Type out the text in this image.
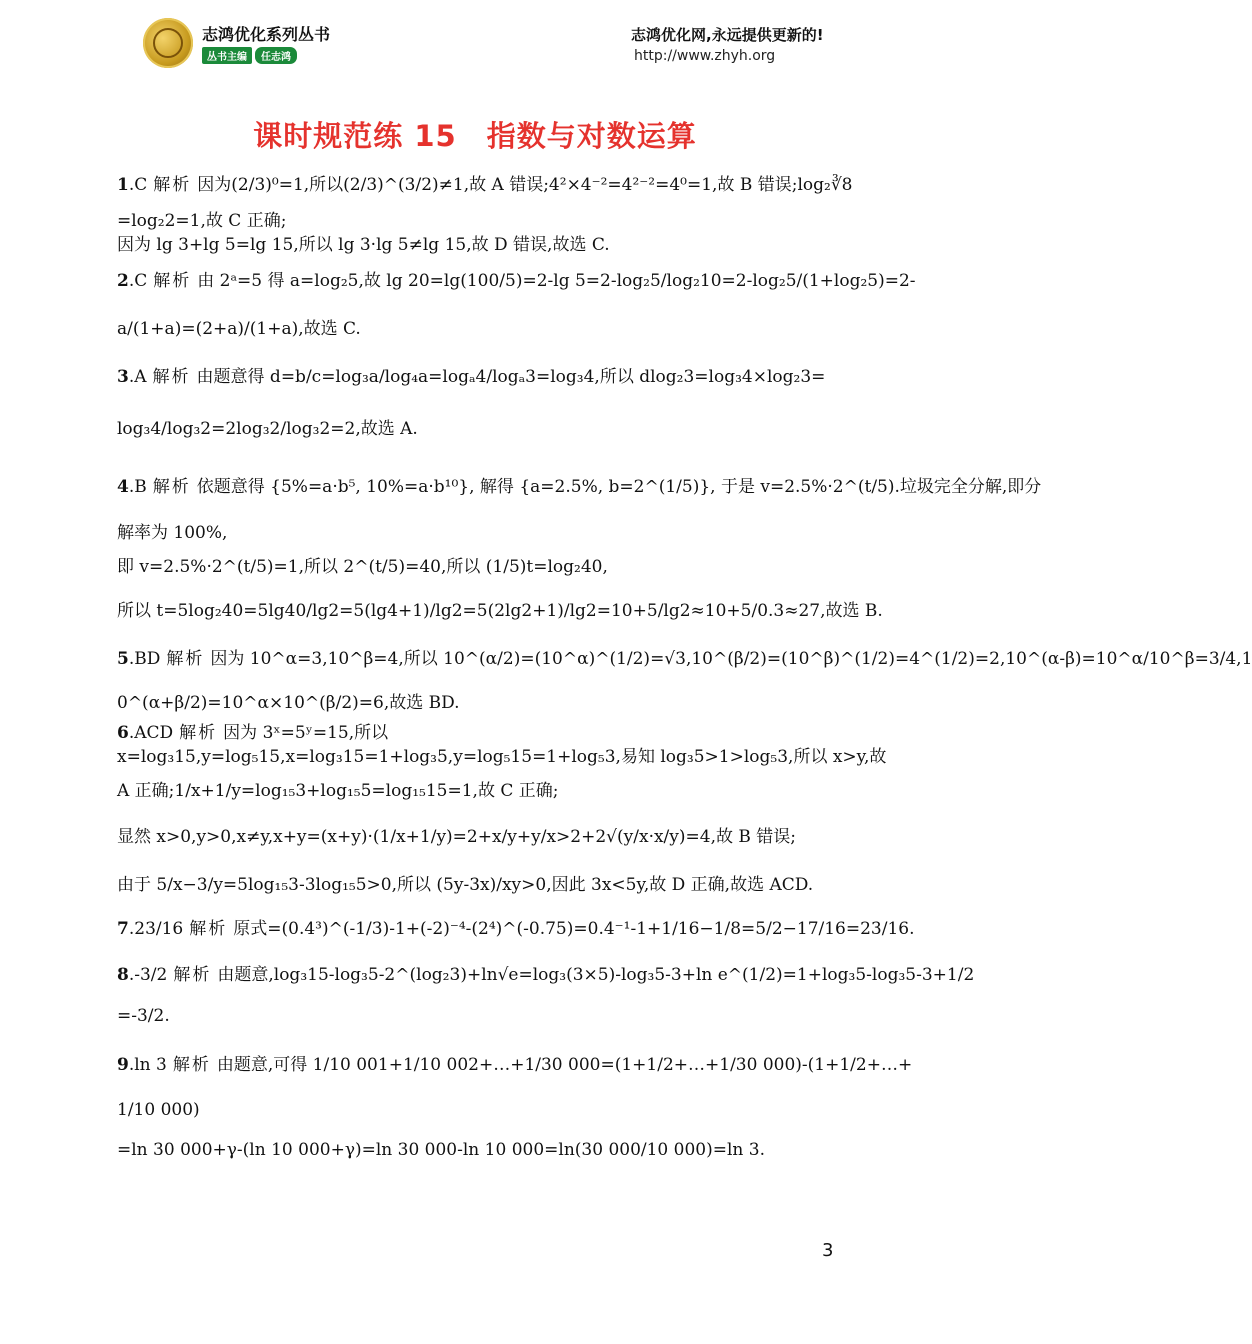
志鸿优化系列丛书
丛书主编 任志鸿
志鸿优化网,永远提供更新的!
http://www.zhyh.org
课时规范练 15　指数与对数运算
1.C 解析 因为(2/3)⁰=1,所以(2/3)^(3/2)≠1,故 A 错误;4²×4⁻²=4²⁻²=4⁰=1,故 B 错误;log₂∛8
=log₂2=1,故 C 正确;
因为 lg 3+lg 5=lg 15,所以 lg 3·lg 5≠lg 15,故 D 错误,故选 C.
2.C 解析 由 2ᵃ=5 得 a=log₂5,故 lg 20=lg(100/5)=2-lg 5=2-log₂5/log₂10=2-log₂5/(1+log₂5)=2-
a/(1+a)=(2+a)/(1+a),故选 C.
3.A 解析 由题意得 d=b/c=log₃a/log₄a=logₐ4/logₐ3=log₃4,所以 dlog₂3=log₃4×log₂3=
log₃4/log₃2=2log₃2/log₃2=2,故选 A.
4.B 解析 依题意得 {5%=a·b⁵, 10%=a·b¹⁰}, 解得 {a=2.5%, b=2^(1/5)}, 于是 v=2.5%·2^(t/5).垃圾完全分解,即分
解率为 100%,
即 v=2.5%·2^(t/5)=1,所以 2^(t/5)=40,所以 (1/5)t=log₂40,
所以 t=5log₂40=5lg40/lg2=5(lg4+1)/lg2=5(2lg2+1)/lg2=10+5/lg2≈10+5/0.3≈27,故选 B.
5.BD 解析 因为 10^α=3,10^β=4,所以 10^(α/2)=(10^α)^(1/2)=√3,10^(β/2)=(10^β)^(1/2)=4^(1/2)=2,10^(α-β)=10^α/10^β=3/4,1
0^(α+β/2)=10^α×10^(β/2)=6,故选 BD.
6.ACD 解析 因为 3ˣ=5ʸ=15,所以
x=log₃15,y=log₅15,x=log₃15=1+log₃5,y=log₅15=1+log₅3,易知 log₃5>1>log₅3,所以 x>y,故
A 正确;1/x+1/y=log₁₅3+log₁₅5=log₁₅15=1,故 C 正确;
显然 x>0,y>0,x≠y,x+y=(x+y)·(1/x+1/y)=2+x/y+y/x>2+2√(y/x·x/y)=4,故 B 错误;
由于 5/x−3/y=5log₁₅3-3log₁₅5>0,所以 (5y-3x)/xy>0,因此 3x<5y,故 D 正确,故选 ACD.
7.23/16 解析 原式=(0.4³)^(-1/3)-1+(-2)⁻⁴-(2⁴)^(-0.75)=0.4⁻¹-1+1/16−1/8=5/2−17/16=23/16.
8.-3/2 解析 由题意,log₃15-log₃5-2^(log₂3)+ln√e=log₃(3×5)-log₃5-3+ln e^(1/2)=1+log₃5-log₃5-3+1/2
=-3/2.
9.ln 3 解析 由题意,可得 1/10 001+1/10 002+…+1/30 000=(1+1/2+…+1/30 000)-(1+1/2+…+
1/10 000)
=ln 30 000+γ-(ln 10 000+γ)=ln 30 000-ln 10 000=ln(30 000/10 000)=ln 3.
3
